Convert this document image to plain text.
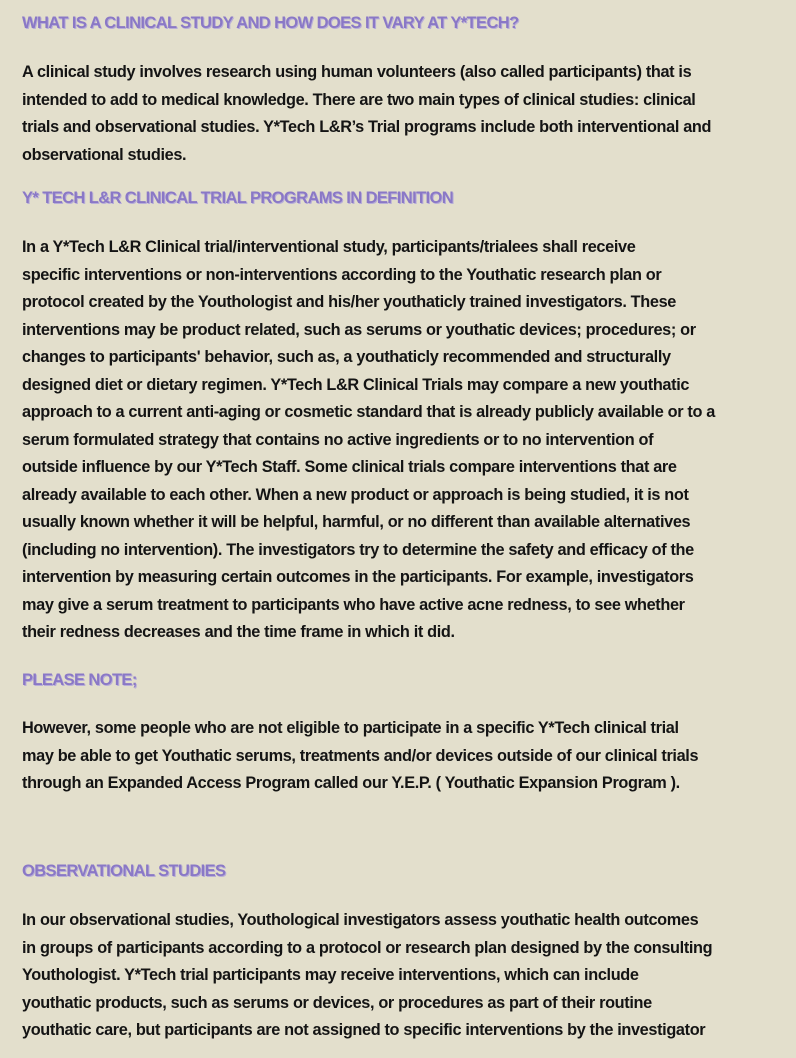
WHAT IS A CLINICAL STUDY AND HOW DOES IT VARY AT Y*TECH?

A clinical study involves research using human volunteers (also called participants) that is
intended to add to medical knowledge. There are two main types of clinical studies: clinical
trials and observational studies. Y*Tech L&R’s Trial programs include both interventional and
observational studies.

Y* TECH L&R CLINICAL TRIAL PROGRAMS IN DEFINITION

In a Y*Tech L&R Clinical trial/interventional study, participants/trialees shall receive
specific interventions or non-interventions according to the Youthatic research plan or
protocol created by the Youthologist and his/her youthaticly trained investigators. These
interventions may be product related, such as serums or youthatic devices; procedures; or
changes to participants' behavior, such as, a youthaticly recommended and structurally
designed diet or dietary regimen. Y*Tech L&R Clinical Trials may compare a new youthatic
approach to a current anti-aging or cosmetic standard that is already publicly available or to a
serum formulated strategy that contains no active ingredients or to no intervention of
outside influence by our Y*Tech Staff. Some clinical trials compare interventions that are
already available to each other. When a new product or approach is being studied, it is not
usually known whether it will be helpful, harmful, or no different than available alternatives
(including no intervention). The investigators try to determine the safety and efficacy of the
intervention by measuring certain outcomes in the participants. For example, investigators
may give a serum treatment to participants who have active acne redness, to see whether
their redness decreases and the time frame in which it did.

PLEASE NOTE;

However, some people who are not eligible to participate in a specific Y*Tech clinical trial
may be able to get Youthatic serums, treatments and/or devices outside of our clinical trials
through an Expanded Access Program called our Y.E.P. ( Youthatic Expansion Program ).

OBSERVATIONAL STUDIES

In our observational studies, Youthological investigators assess youthatic health outcomes
in groups of participants according to a protocol or research plan designed by the consulting
Youthologist. Y*Tech trial participants may receive interventions, which can include
youthatic products, such as serums or devices, or procedures as part of their routine
youthatic care, but participants are not assigned to specific interventions by the investigator
